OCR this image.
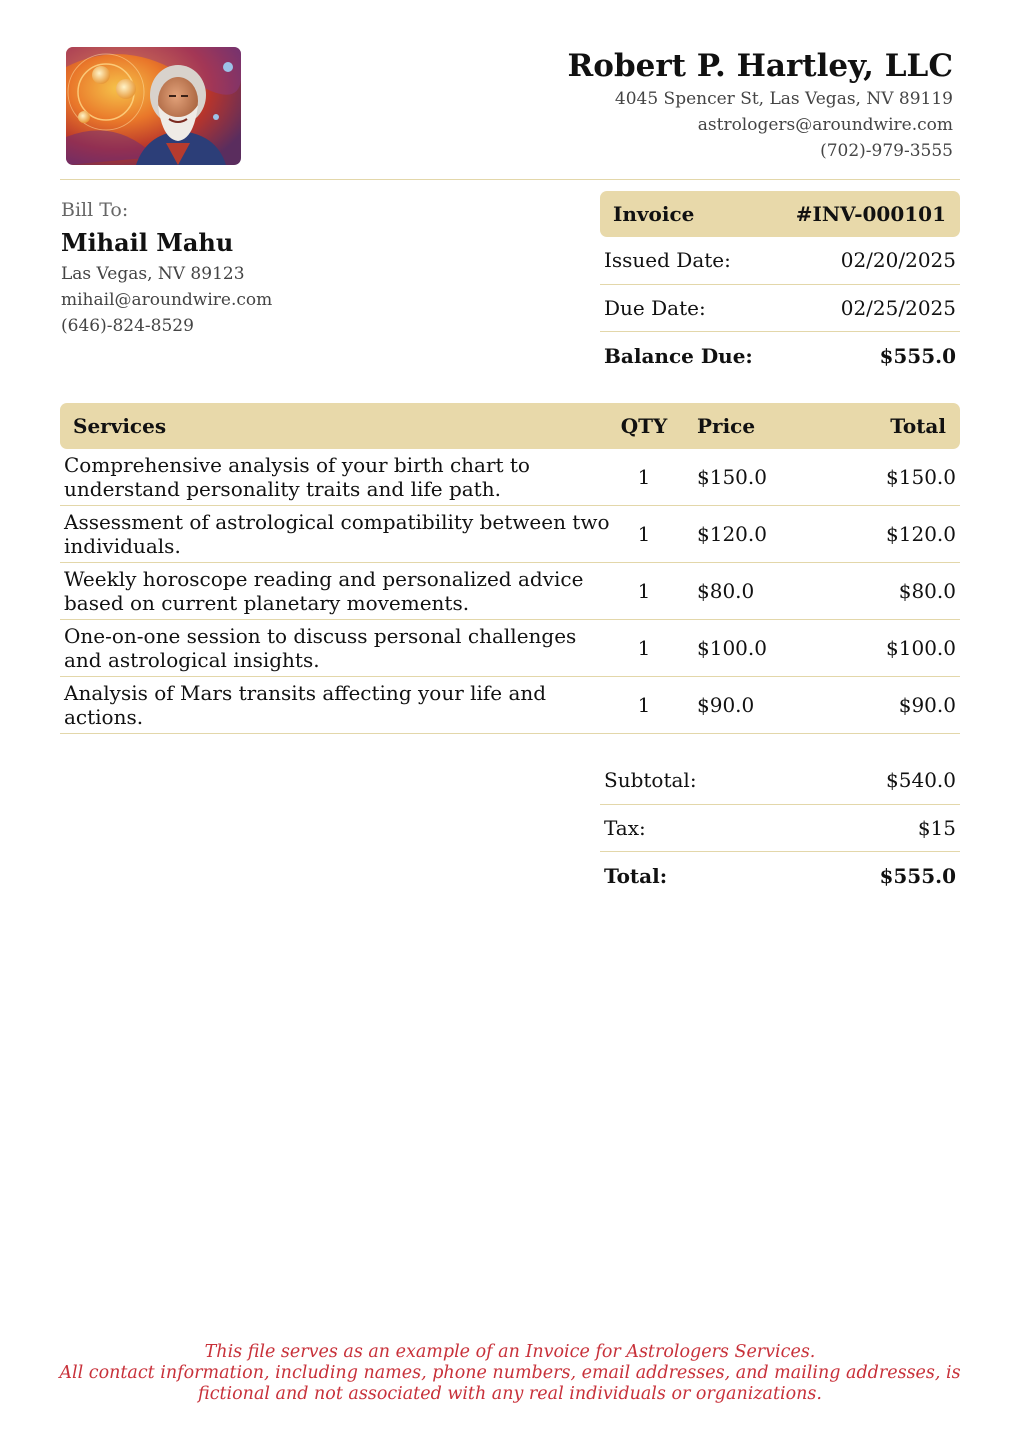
Robert P. Hartley, LLC
4045 Spencer St, Las Vegas, NV 89119
astrologers@aroundwire.com
(702)-979-3555
Bill To:
Mihail Mahu
Las Vegas, NV 89123
mihail@aroundwire.com
(646)-824-8529
Invoice	#INV-000101
Issued Date:	02/20/2025
Due Date:	02/25/2025
Balance Due:	$555.0
Services	QTY	Price	Total
Comprehensive analysis of your birth chart to understand personality traits and life path.	1	$150.0	$150.0
Assessment of astrological compatibility between two individuals.	1	$120.0	$120.0
Weekly horoscope reading and personalized advice based on current planetary movements.	1	$80.0	$80.0
One-on-one session to discuss personal challenges and astrological insights.	1	$100.0	$100.0
Analysis of Mars transits affecting your life and actions.	1	$90.0	$90.0
Subtotal:	$540.0
Tax:	$15
Total:	$555.0
This file serves as an example of an Invoice for Astrologers Services.
All contact information, including names, phone numbers, email addresses, and mailing addresses, is fictional and not associated with any real individuals or organizations.
